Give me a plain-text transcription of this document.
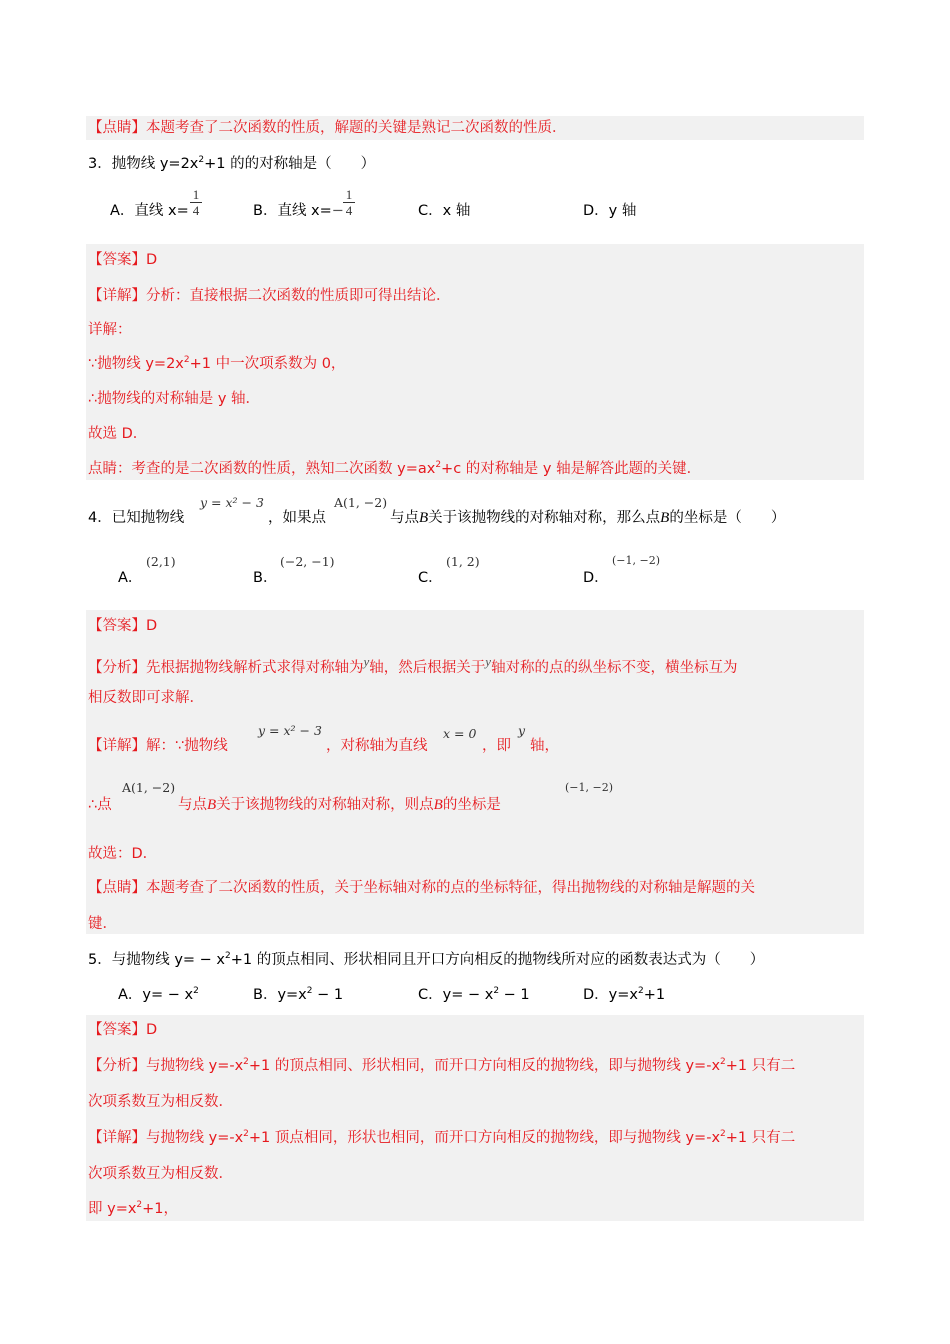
【点睛】本题考查了二次函数的性质，解题的关键是熟记二次函数的性质．
3．抛物线 $y=2x^2+1$ 的的对称轴是（　　）
A．直线 x=
1
4	B．直线 x=−
1
4	C．x 轴	D．y 轴
【答案】D
【详解】分析：直接根据二次函数的性质即可得出结论．
详解：
∵抛物线 $y=2x^2+1$ 中一次项系数为 0，
∴抛物线的对称轴是 y 轴．
故选 D．
点睛：考查的是二次函数的性质，熟知二次函数 $y=ax^2+c$ 的对称轴是 y 轴是解答此题的关键．
4．已知抛物线
y = x² − 3
，如果点
A(1, −2)
与点B关于该抛物线的对称轴对称，那么点B的坐标是（　　）
A．
(2,1)
B．
(−2, −1)
C．
(1, 2)
D．
(−1, −2)
【答案】D
【分析】先根据抛物线解析式求得对称轴为y轴，然后根据关于y轴对称的点的纵坐标不变，横坐标互为
相反数即可求解．
【详解】解：∵抛物线
y = x² − 3
，对称轴为直线
x = 0
，即
y
轴，
∴点
A(1, −2)
与点B关于该抛物线的对称轴对称，则点B的坐标是
(−1, −2)
故选：D．
【点睛】本题考查了二次函数的性质，关于坐标轴对称的点的坐标特征，得出抛物线的对称轴是解题的关
键．
5．与抛物线 $y= - x^2+1$ 的顶点相同、形状相同且开口方向相反的抛物线所对应的函数表达式为（　　）
A．$y= - x^2$	B．$y=x^2 - 1$	C．$y= - x^2 - 1$	D．$y=x^2+1$
【答案】D
【分析】与抛物线 $y=-x^2+1$ 的顶点相同、形状相同，而开口方向相反的抛物线，即与抛物线 $y=-x^2+1$ 只有二
次项系数互为相反数．
【详解】与抛物线 $y=-x^2+1$ 顶点相同，形状也相同，而开口方向相反的抛物线，即与抛物线 $y=-x^2+1$ 只有二
次项系数互为相反数．
即 $y=x^2+1$，
